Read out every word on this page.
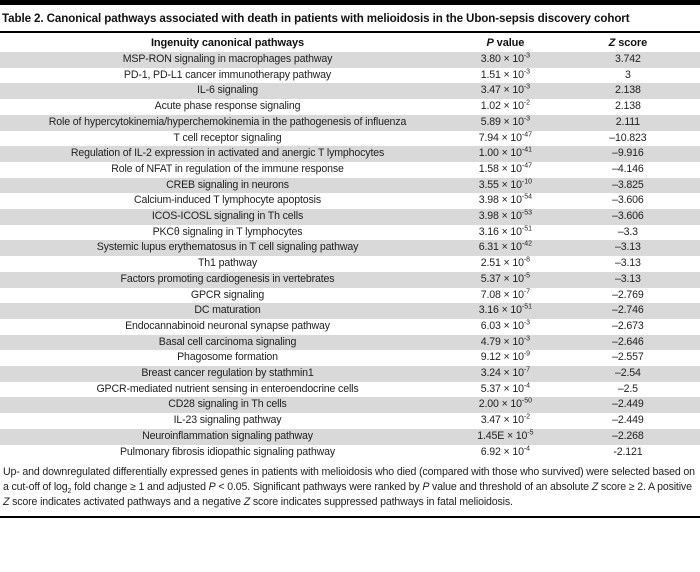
Table 2. Canonical pathways associated with death in patients with melioidosis in the Ubon-sepsis discovery cohort
Ingenuity canonical pathways	P value	Z score
MSP-RON signaling in macrophages pathway	$3.80 \times 10^{-3}$	3.742
PD-1, PD-L1 cancer immunotherapy pathway	$1.51 \times 10^{-3}$	3
IL-6 signaling	$3.47 \times 10^{-3}$	2.138
Acute phase response signaling	$1.02 \times 10^{-2}$	2.138
Role of hypercytokinemia/hyperchemokinemia in the pathogenesis of influenza	$5.89 \times 10^{-3}$	2.111
T cell receptor signaling	$7.94 \times 10^{-47}$	–10.823
Regulation of IL-2 expression in activated and anergic T lymphocytes	$1.00 \times 10^{-41}$	–9.916
Role of NFAT in regulation of the immune response	$1.58 \times 10^{-47}$	–4.146
CREB signaling in neurons	$3.55 \times 10^{-10}$	–3.825
Calcium-induced T lymphocyte apoptosis	$3.98 \times 10^{-54}$	–3.606
ICOS-ICOSL signaling in Th cells	$3.98 \times 10^{-53}$	–3.606
PKCθ signaling in T lymphocytes	$3.16 \times 10^{-51}$	–3.3
Systemic lupus erythematosus in T cell signaling pathway	$6.31 \times 10^{-42}$	–3.13
Th1 pathway	$2.51 \times 10^{-8}$	–3.13
Factors promoting cardiogenesis in vertebrates	$5.37 \times 10^{-5}$	–3.13
GPCR signaling	$7.08 \times 10^{-7}$	–2.769
DC maturation	$3.16 \times 10^{-51}$	–2.746
Endocannabinoid neuronal synapse pathway	$6.03 \times 10^{-3}$	–2.673
Basal cell carcinoma signaling	$4.79 \times 10^{-3}$	–2.646
Phagosome formation	$9.12 \times 10^{-9}$	–2.557
Breast cancer regulation by stathmin1	$3.24 \times 10^{-7}$	–2.54
GPCR-mediated nutrient sensing in enteroendocrine cells	$5.37 \times 10^{-4}$	–2.5
CD28 signaling in Th cells	$2.00 \times 10^{-50}$	–2.449
IL-23 signaling pathway	$3.47 \times 10^{-2}$	–2.449
Neuroinflammation signaling pathway	$1.45E \times 10^{-5}$	–2.268
Pulmonary fibrosis idiopathic signaling pathway	$6.92 \times 10^{-4}$	-2.121
Up- and downregulated differentially expressed genes in patients with melioidosis who died (compared with those who survived) were selected based on a cut-off of $\log_2$ fold change ≥ 1 and adjusted P < 0.05. Significant pathways were ranked by P value and threshold of an absolute Z score ≥ 2. A positive Z score indicates activated pathways and a negative Z score indicates suppressed pathways in fatal melioidosis.
